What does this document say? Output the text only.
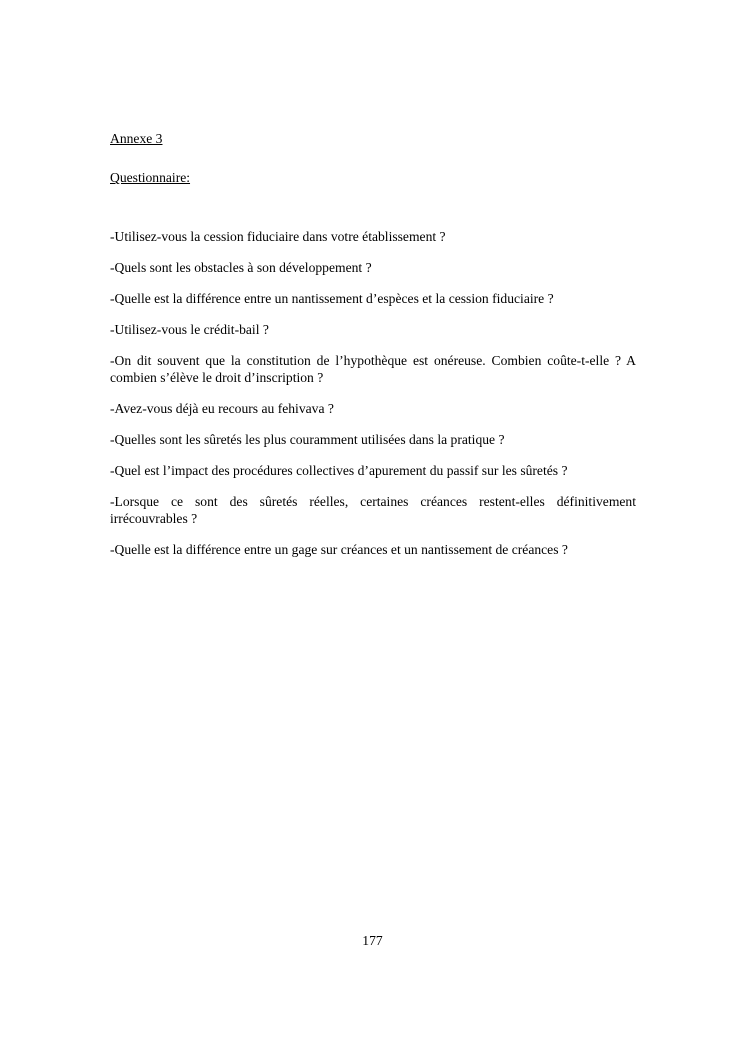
Annexe 3
Questionnaire:
-Utilisez-vous la cession fiduciaire dans votre établissement ?
-Quels sont les obstacles à son développement ?
-Quelle est la différence entre un nantissement d’espèces et la cession fiduciaire ?
-Utilisez-vous le crédit-bail ?
-On dit souvent que la constitution de l’hypothèque est onéreuse. Combien coûte-t-elle ? A combien s’élève le droit d’inscription ?
-Avez-vous déjà eu recours au fehivava ?
-Quelles sont les sûretés les plus couramment utilisées dans la pratique ?
-Quel est l’impact des procédures collectives d’apurement du passif sur les sûretés ?
-Lorsque ce sont des sûretés réelles, certaines créances restent-elles définitivement irrécouvrables ?
-Quelle est la différence entre un gage sur créances et un nantissement de créances ?
177
